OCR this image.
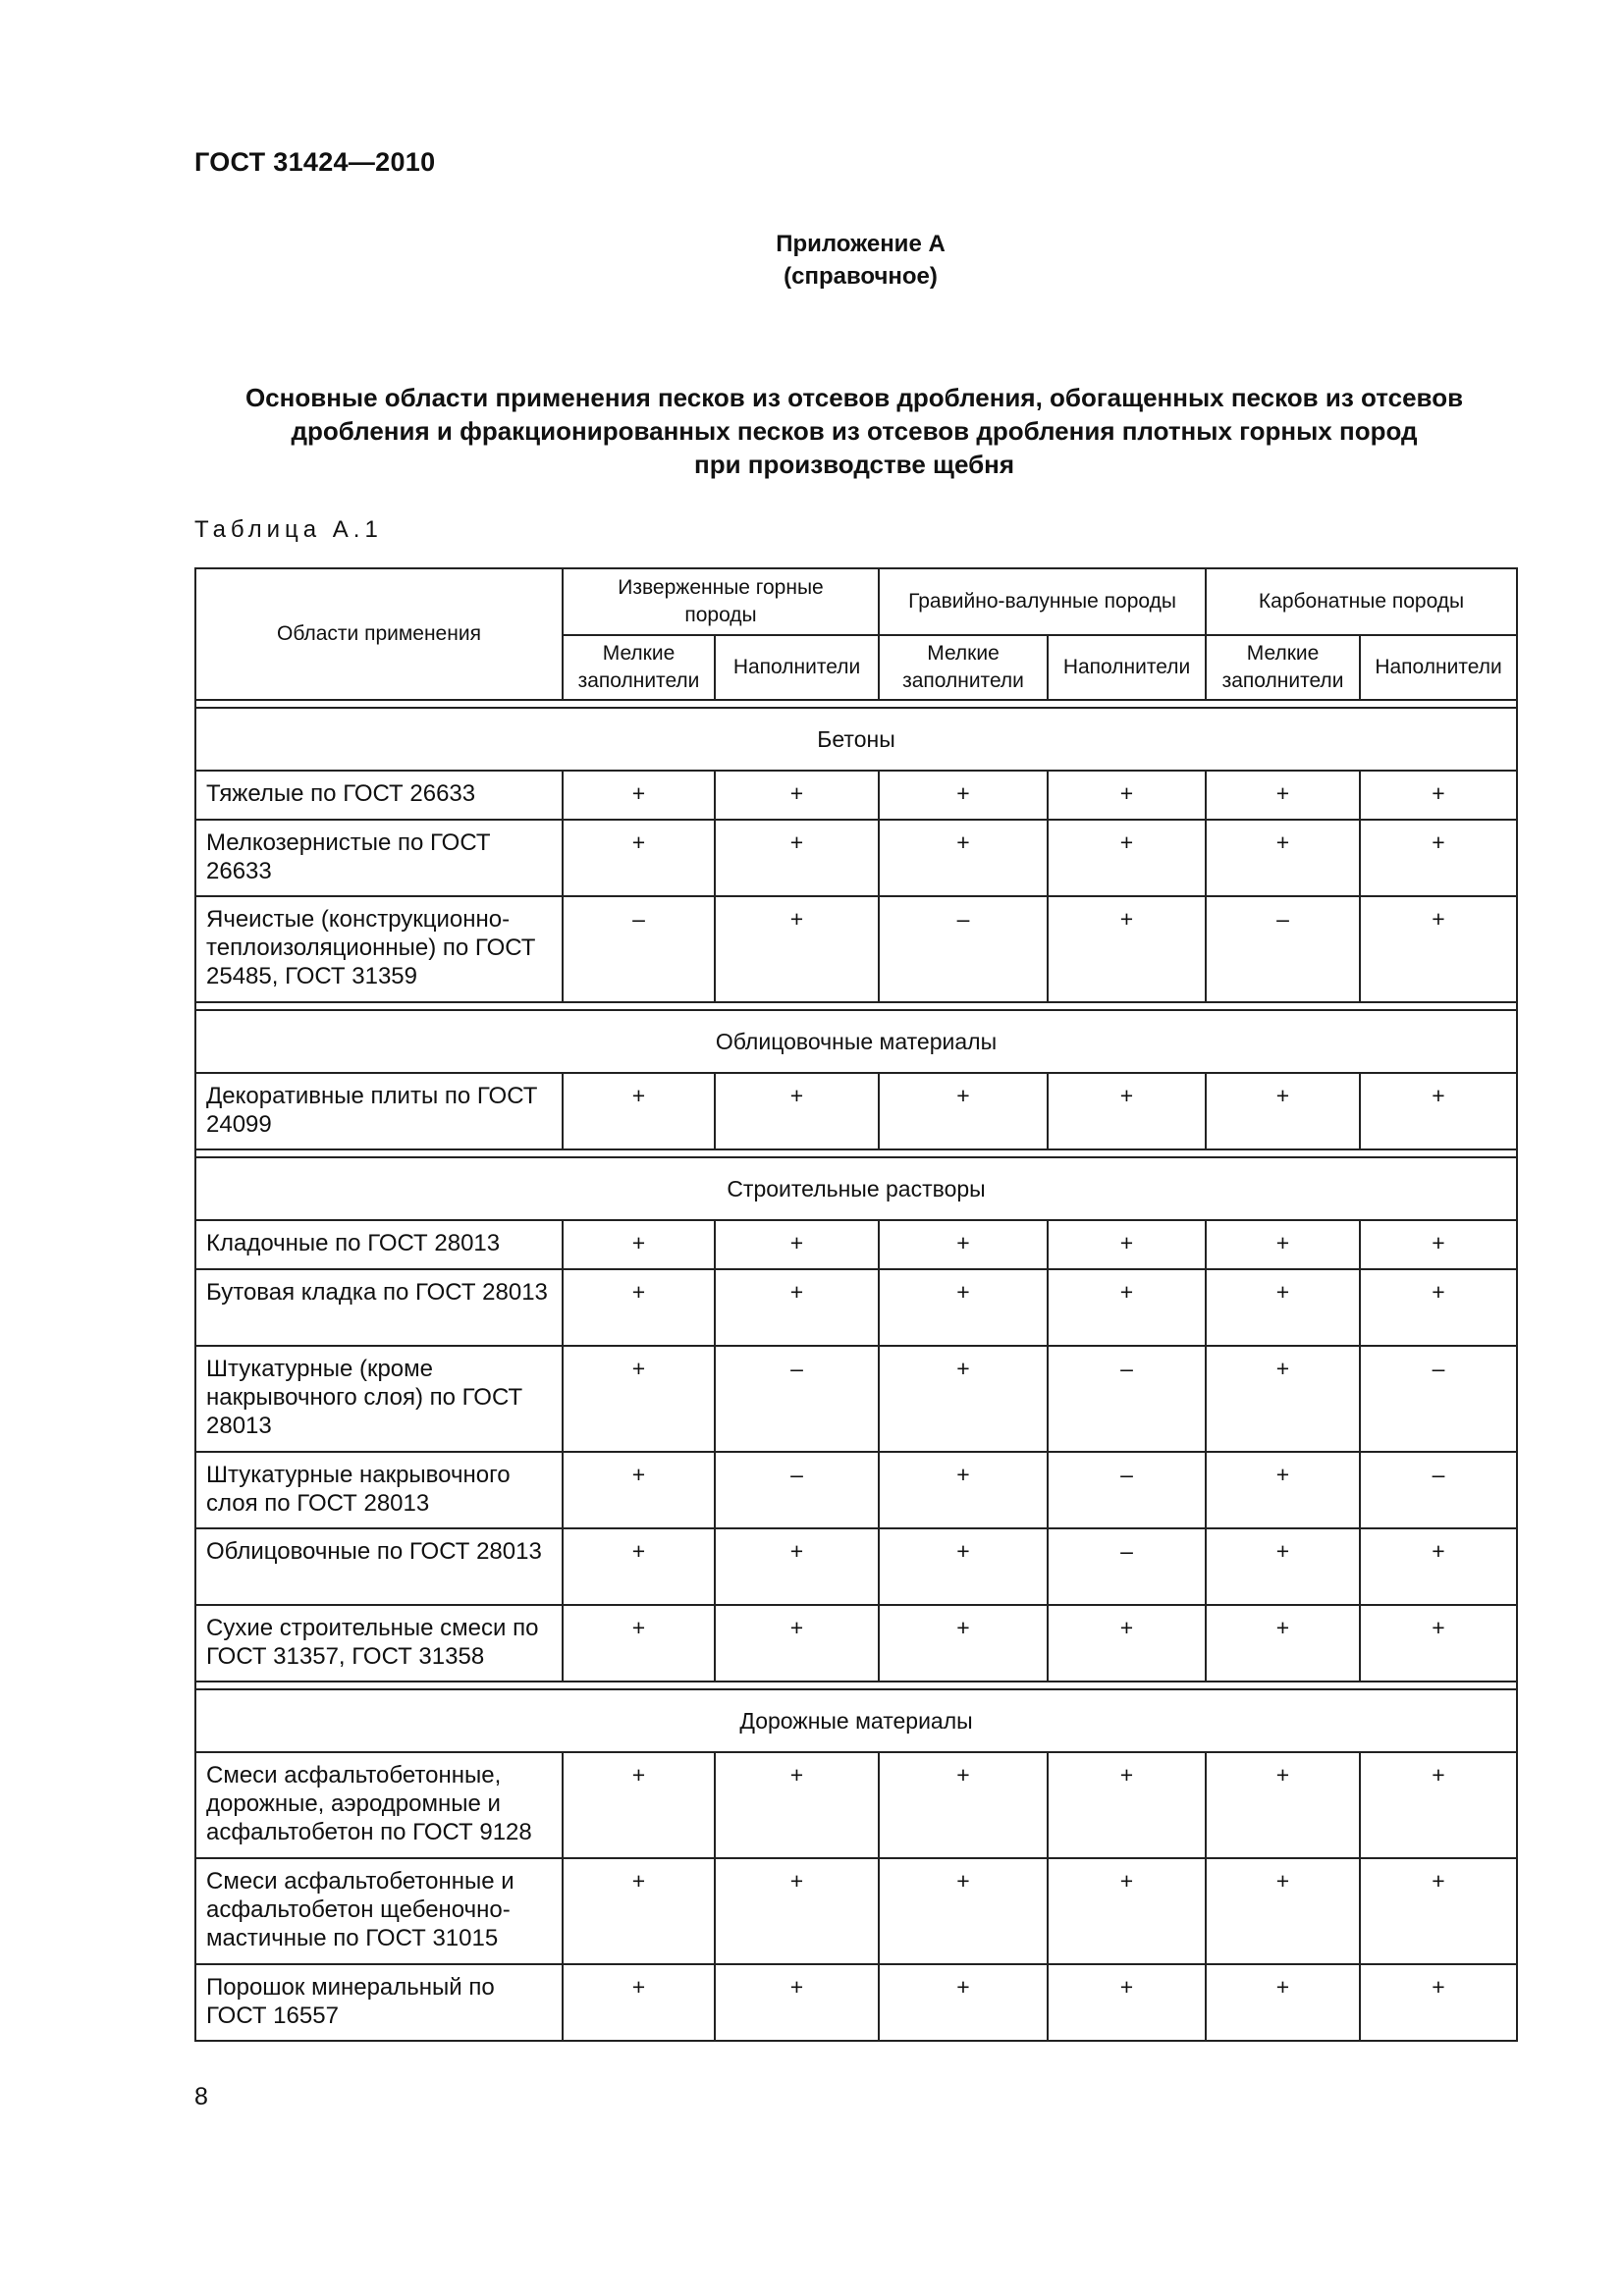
ГОСТ 31424—2010
Приложение А
(справочное)
Основные области применения песков из отсевов дробления, обогащенных песков из отсевов
дробления и фракционированных песков из отсевов дробления плотных горных пород
при производстве щебня
Таблица А.1
Области применения	Изверженные горные породы		Гравийно-валунные породы		Карбонатные породы	
	Мелкие заполнители	Наполнители	Мелкие заполнители	Наполнители	Мелкие заполнители	Наполнители

Бетоны						
Тяжелые по ГОСТ 26633	+	+	+	+	+	+
Мелкозернистые по ГОСТ 26633	+	+	+	+	+	+
Ячеистые (конструкционно-теплоизоляционные) по ГОСТ 25485, ГОСТ 31359	–	+	–	+	–	+

Облицовочные материалы						
Декоративные плиты по ГОСТ 24099	+	+	+	+	+	+

Строительные растворы						
Кладочные по ГОСТ 28013	+	+	+	+	+	+
Бутовая кладка по ГОСТ 28013	+	+	+	+	+	+
Штукатурные (кроме накрывочного слоя) по ГОСТ 28013	+	–	+	–	+	–
Штукатурные накрывочного слоя по ГОСТ 28013	+	–	+	–	+	–
Облицовочные по ГОСТ 28013	+	+	+	–	+	+
Сухие строительные смеси по ГОСТ 31357, ГОСТ 31358	+	+	+	+	+	+

Дорожные материалы						
Смеси асфальтобетонные, дорожные, аэродромные и асфальтобетон по ГОСТ 9128	+	+	+	+	+	+
Смеси асфальтобетонные и асфальтобетон щебеночно-мастичные по ГОСТ 31015	+	+	+	+	+	+
Порошок минеральный по ГОСТ 16557	+	+	+	+	+	+
8
